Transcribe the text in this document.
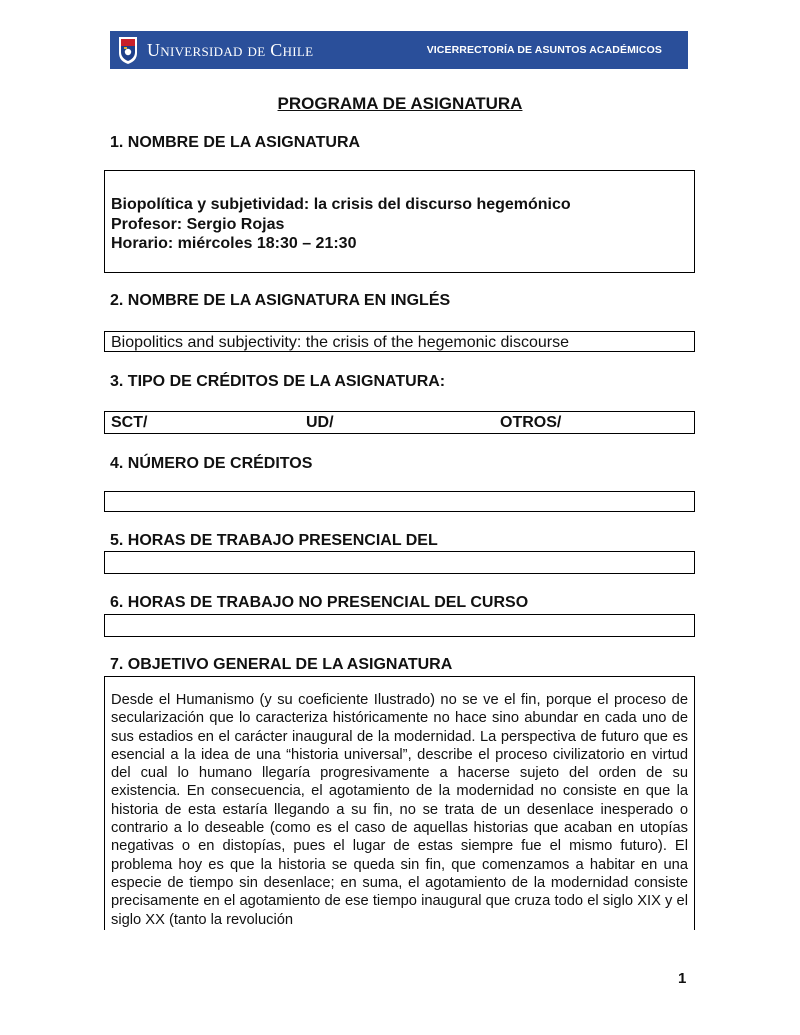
Universidad de Chile	VICERRECTORÍA DE ASUNTOS ACADÉMICOS
PROGRAMA DE ASIGNATURA
1. NOMBRE DE LA ASIGNATURA
Biopolítica y subjetividad: la crisis del discurso hegemónico
Profesor: Sergio Rojas
Horario: miércoles 18:30 – 21:30
2. NOMBRE DE LA ASIGNATURA EN INGLÉS
Biopolitics and subjectivity: the crisis of the hegemonic discourse
3. TIPO DE CRÉDITOS DE LA ASIGNATURA:
SCT/	UD/	OTROS/
4. NÚMERO DE CRÉDITOS
5. HORAS DE TRABAJO PRESENCIAL DEL
6. HORAS DE TRABAJO NO PRESENCIAL DEL CURSO
7. OBJETIVO GENERAL DE LA ASIGNATURA
Desde el Humanismo (y su coeficiente Ilustrado) no se ve el fin, porque el proceso de secularización que lo caracteriza históricamente no hace sino abundar en cada uno de sus estadios en el carácter inaugural de la modernidad. La perspectiva de futuro que es esencial a la idea de una “historia universal”, describe el proceso civilizatorio en virtud del cual lo humano llegaría progresivamente a hacerse sujeto del orden de su existencia. En consecuencia, el agotamiento de la modernidad no consiste en que la historia de esta estaría llegando a su fin, no se trata de un desenlace inesperado o contrario a lo deseable (como es el caso de aquellas historias que acaban en utopías negativas o en distopías, pues el lugar de estas siempre fue el mismo futuro). El problema hoy es que la historia se queda sin fin, que comenzamos a habitar en una especie de tiempo sin desenlace; en suma, el agotamiento de la modernidad consiste precisamente en el agotamiento de ese tiempo inaugural que cruza todo el siglo XIX y el siglo XX (tanto la revolución
1
